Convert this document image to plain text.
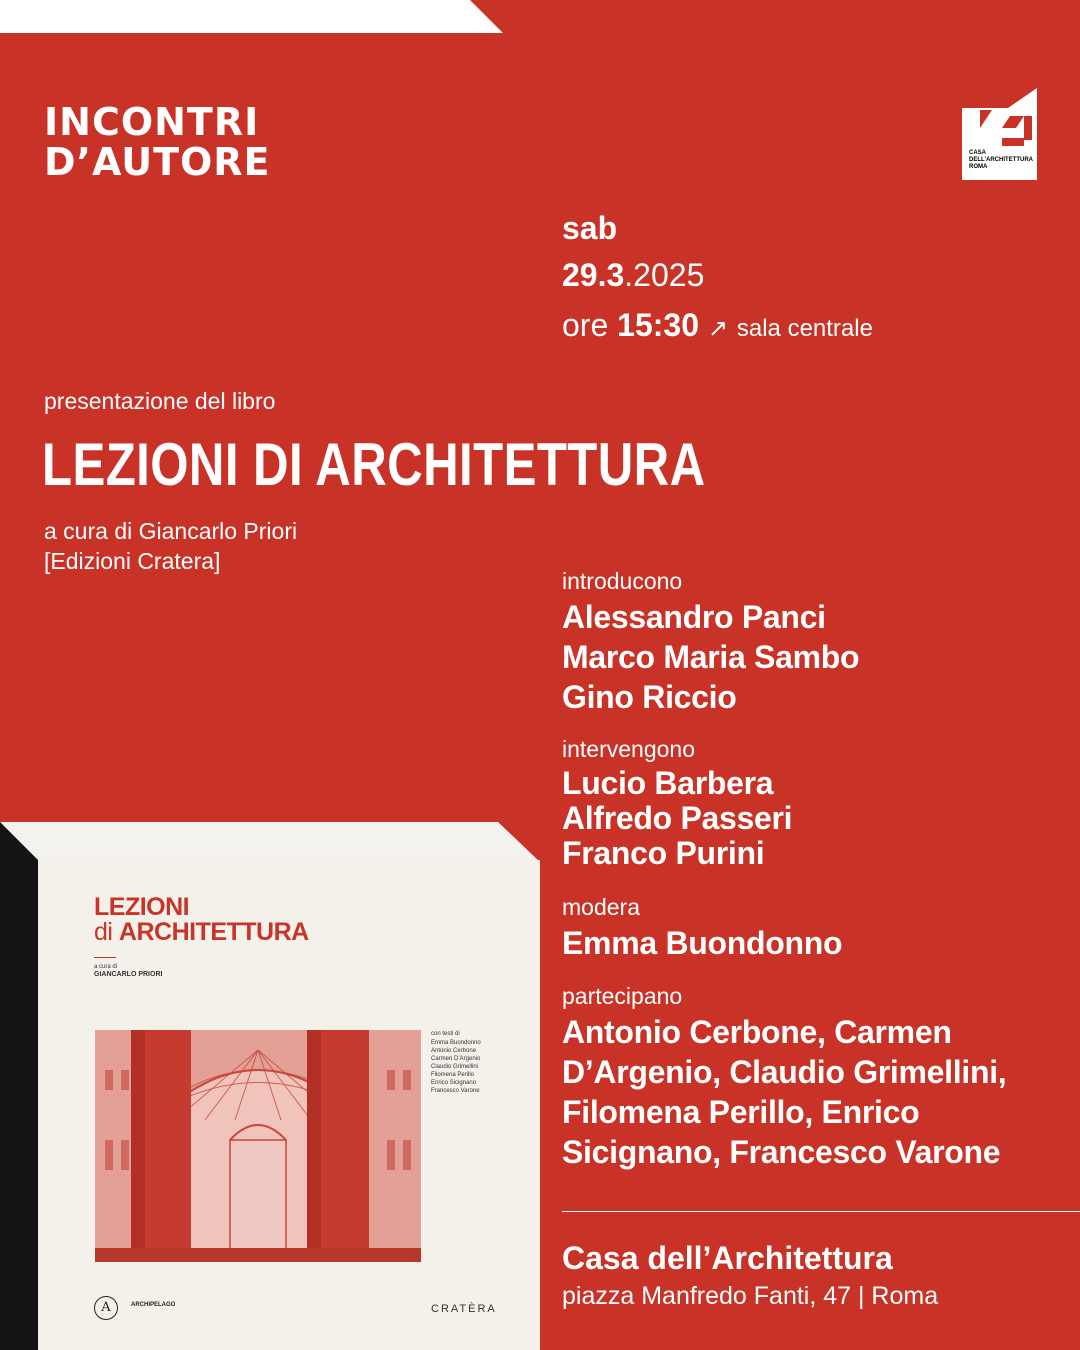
INCONTRI
D’AUTORE	CASA
DELL’ARCHITETTURA
ROMA
sab
29.3.2025
ore 15:30 ↗ sala centrale
presentazione del libro
LEZIONI DI ARCHITETTURA
a cura di Giancarlo Priori
[Edizioni Cratera]
introducono
Alessandro Panci
Marco Maria Sambo
Gino Riccio
intervengono
Lucio Barbera
Alfredo Passeri
Franco Purini
modera
Emma Buondonno
partecipano
Antonio Cerbone, Carmen
D’Argenio, Claudio Grimellini,
Filomena Perillo, Enrico
Sicignano, Francesco Varone
Casa dell’Architettura
piazza Manfredo Fanti, 47 | Roma
LEZIONI
di ARCHITETTURA
a cura di
GIANCARLO PRIORI
con testi di
Emma Buondonno
Antonio Cerbone
Carmen D’Argenio
Claudio Grimellini
Filomena Perillo
Enrico Sicignano
Francesco Varone
A	ARCHIPELAGO	CRATÈRA
